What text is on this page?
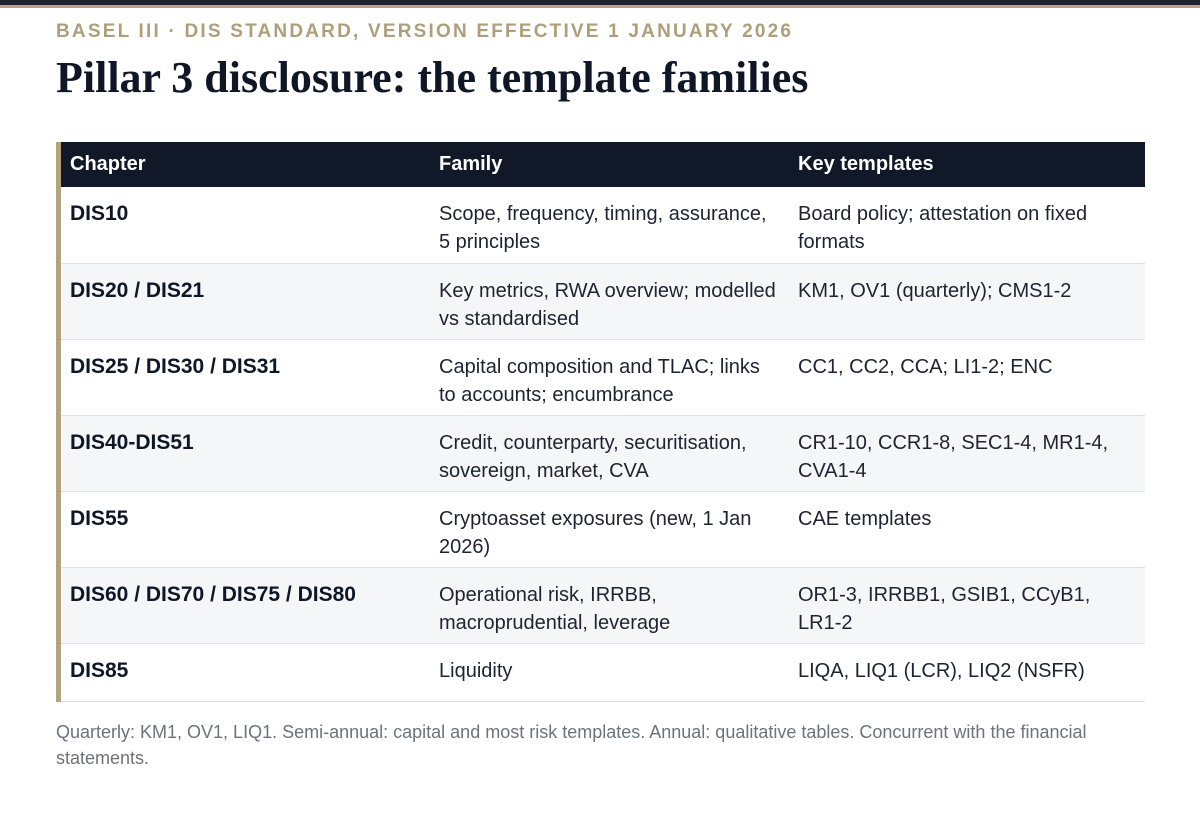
BASEL III · DIS STANDARD, VERSION EFFECTIVE 1 JANUARY 2026
Pillar 3 disclosure: the template families
Chapter	Family	Key templates
DIS10	Scope, frequency, timing, assurance, 5 principles	Board policy; attestation on fixed formats
DIS20 / DIS21	Key metrics, RWA overview; modelled vs standardised	KM1, OV1 (quarterly); CMS1-2
DIS25 / DIS30 / DIS31	Capital composition and TLAC; links to accounts; encumbrance	CC1, CC2, CCA; LI1-2; ENC
DIS40-DIS51	Credit, counterparty, securitisation, sovereign, market, CVA	CR1-10, CCR1-8, SEC1-4, MR1-4, CVA1-4
DIS55	Cryptoasset exposures (new, 1 Jan 2026)	CAE templates
DIS60 / DIS70 / DIS75 / DIS80	Operational risk, IRRBB, macroprudential, leverage	OR1-3, IRRBB1, GSIB1, CCyB1, LR1-2
DIS85	Liquidity	LIQA, LIQ1 (LCR), LIQ2 (NSFR)

Quarterly: KM1, OV1, LIQ1. Semi-annual: capital and most risk templates. Annual: qualitative tables. Concurrent with the financial statements.
